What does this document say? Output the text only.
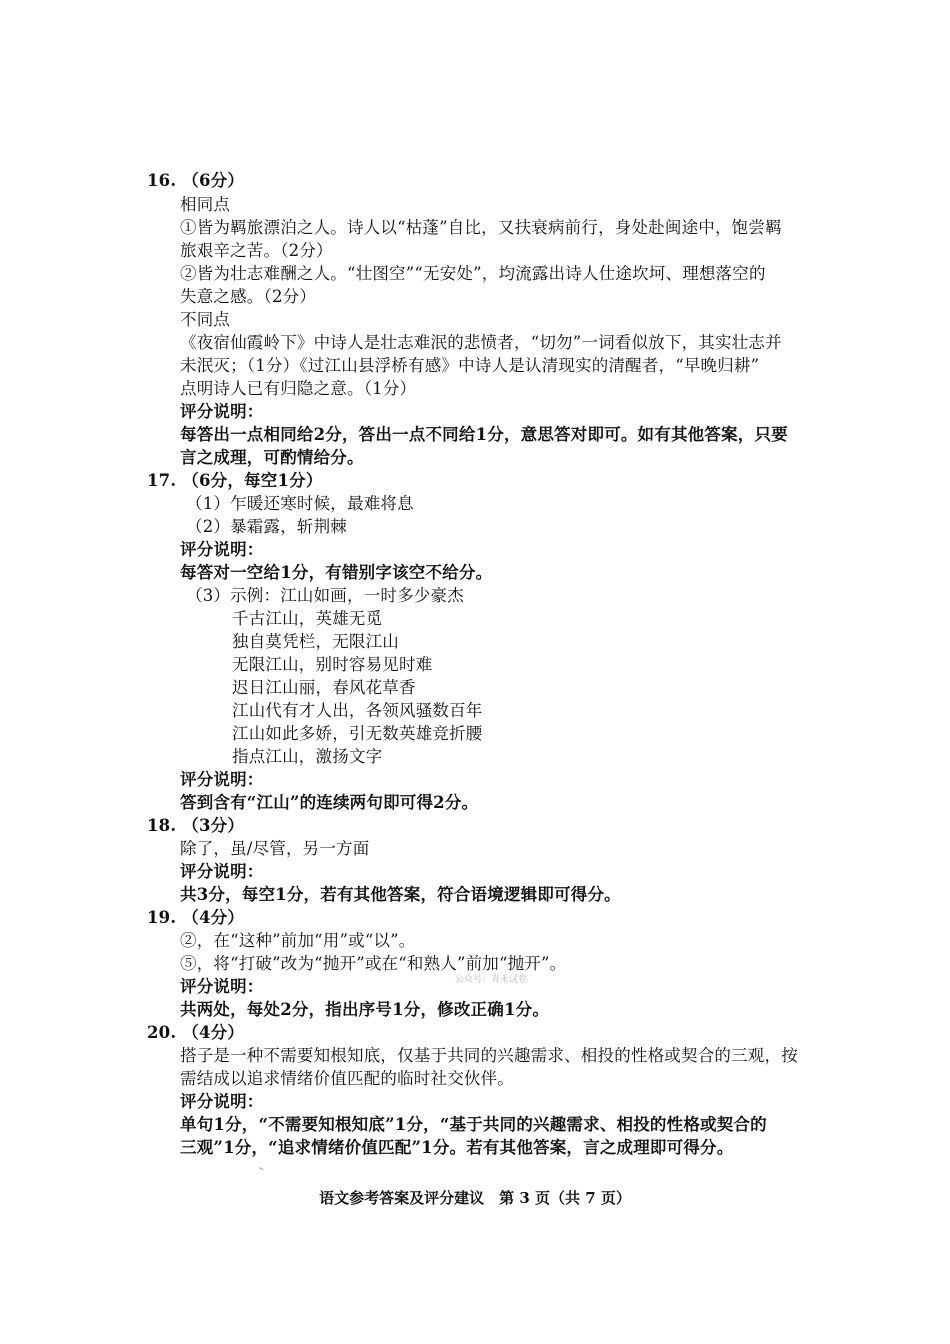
16. （6分）
相同点
①皆为羁旅漂泊之人。诗人以“枯蓬”自比，又扶衰病前行，身处赴闽途中，饱尝羁
旅艰辛之苦。（2分）
②皆为壮志难酬之人。“壮图空”“无安处”，均流露出诗人仕途坎坷、理想落空的
失意之感。（2分）
不同点
《夜宿仙霞岭下》中诗人是壮志难泯的悲愤者，“切勿”一词看似放下，其实壮志并
未泯灭；（1分）《过江山县浮桥有感》中诗人是认清现实的清醒者，“早晚归耕”
点明诗人已有归隐之意。（1分）
评分说明：
每答出一点相同给2分，答出一点不同给1分，意思答对即可。如有其他答案，只要
言之成理，可酌情给分。
17. （6分，每空1分）
（1）乍暖还寒时候，最难将息
（2）暴霜露，斩荆棘
评分说明：
每答对一空给1分，有错别字该空不给分。
（3）示例：江山如画，一时多少豪杰
千古江山，英雄无觅
独自莫凭栏，无限江山
无限江山，别时容易见时难
迟日江山丽，春风花草香
江山代有才人出，各领风骚数百年
江山如此多娇，引无数英雄竞折腰
指点江山，激扬文字
评分说明：
答到含有“江山”的连续两句即可得2分。
18. （3分）
除了，虽/尽管，另一方面
评分说明：
共3分，每空1分，若有其他答案，符合语境逻辑即可得分。
19. （4分）
②，在“这种”前加“用”或“以”。
⑤，将“打破”改为“抛开”或在“和熟人”前加“抛开”。
公众号：青禾试卷
评分说明：
共两处，每处2分，指出序号1分，修改正确1分。
20. （4分）
搭子是一种不需要知根知底，仅基于共同的兴趣需求、相投的性格或契合的三观，按
需结成以追求情绪价值匹配的临时社交伙伴。
评分说明：
单句1分，“不需要知根知底”1分，“基于共同的兴趣需求、相投的性格或契合的
三观”1分，“追求情绪价值匹配”1分。若有其他答案，言之成理即可得分。
语文参考答案及评分建议　第 3 页（共 7 页）
